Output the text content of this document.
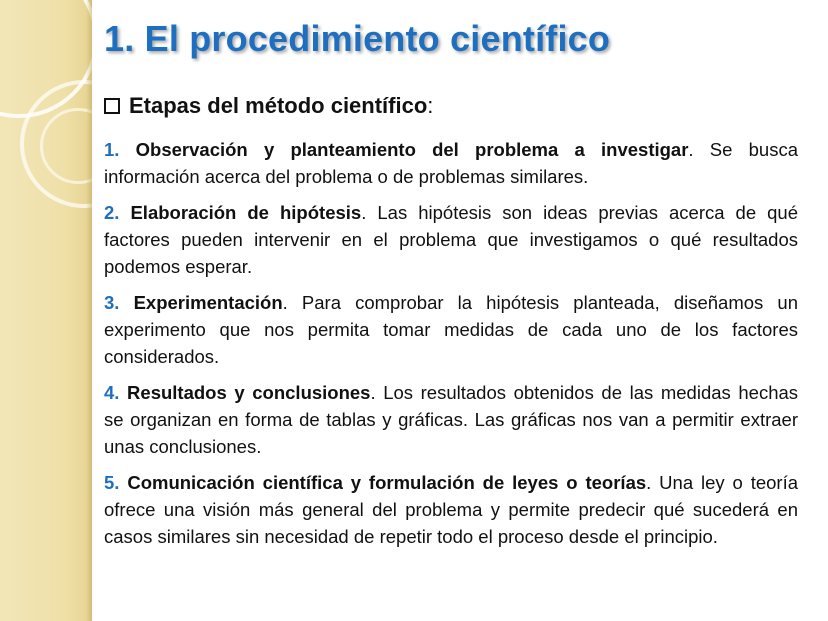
1. El procedimiento científico
Etapas del método científico :

1. Observación y planteamiento del problema a investigar. Se busca información acerca del problema o de problemas similares.

2. Elaboración de hipótesis. Las hipótesis son ideas previas acerca de qué factores pueden intervenir en el problema que investigamos o qué resultados podemos esperar.

3. Experimentación. Para comprobar la hipótesis planteada, diseñamos un experimento que nos permita tomar medidas de cada uno de los factores considerados.

4. Resultados y conclusiones. Los resultados obtenidos de las medidas hechas se organizan en forma de tablas y gráficas. Las gráficas nos van a permitir extraer unas conclusiones.

5. Comunicación científica y formulación de leyes o teorías. Una ley o teoría ofrece una visión más general del problema y permite predecir qué sucederá en casos similares sin necesidad de repetir todo el proceso desde el principio.
